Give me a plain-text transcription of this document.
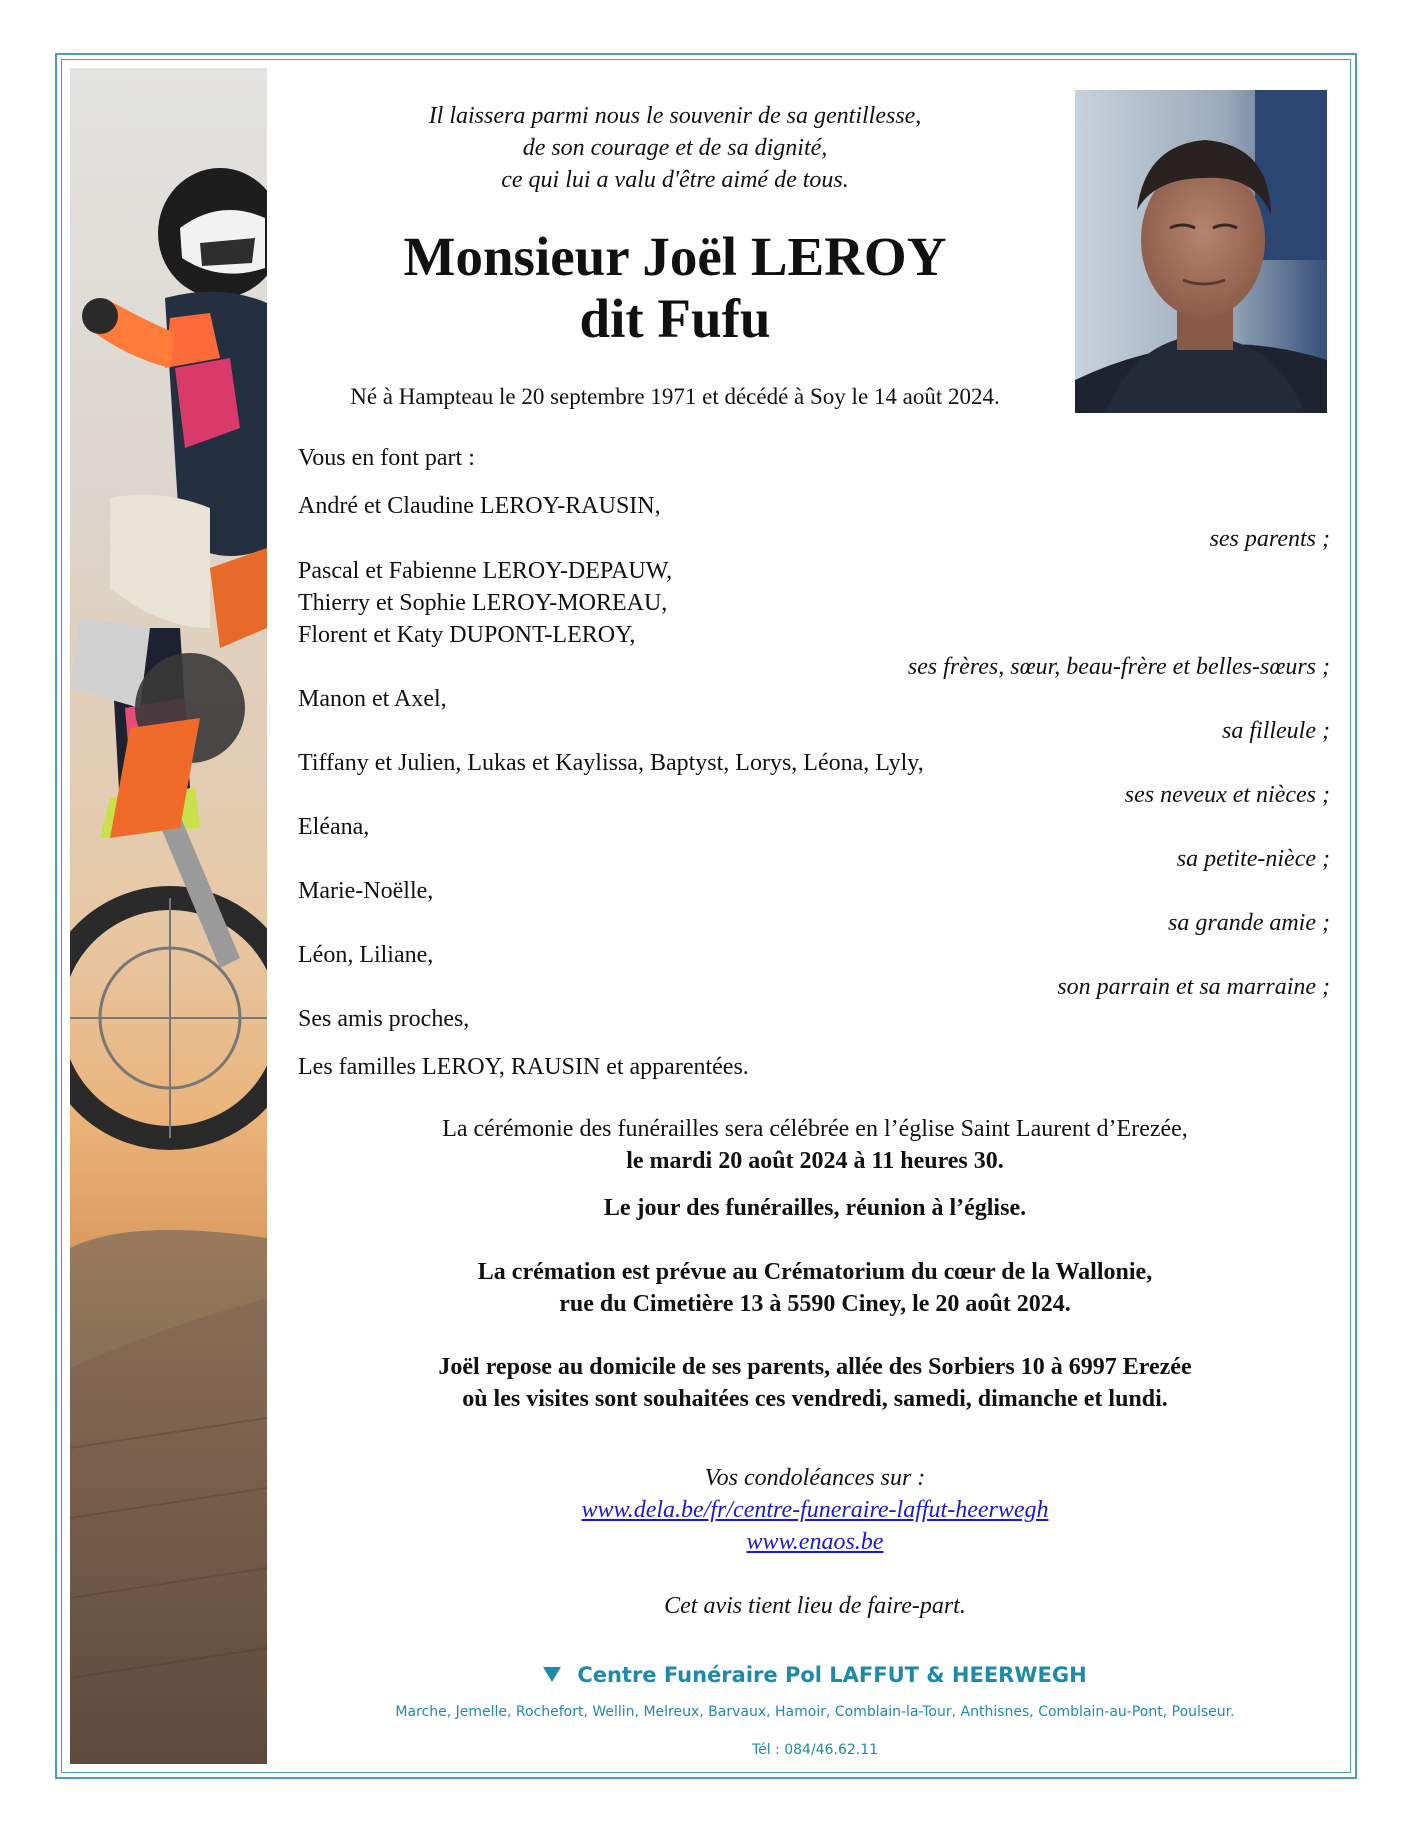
Il laissera parmi nous le souvenir de sa gentillesse,
de son courage et de sa dignité,
ce qui lui a valu d'être aimé de tous.
Monsieur Joël LEROY
dit Fufu
Né à Hampteau le 20 septembre 1971 et décédé à Soy le 14 août 2024.
Vous en font part :
André et Claudine LEROY-RAUSIN,
ses parents ;
Pascal et Fabienne LEROY-DEPAUW,
Thierry et Sophie LEROY-MOREAU,
Florent et Katy DUPONT-LEROY,
ses frères, sœur, beau-frère et belles-sœurs ;
Manon et Axel,
sa filleule ;
Tiffany et Julien, Lukas et Kaylissa, Baptyst, Lorys, Léona, Lyly,
ses neveux et nièces ;
Eléana,
sa petite-nièce ;
Marie-Noëlle,
sa grande amie ;
Léon, Liliane,
son parrain et sa marraine ;
Ses amis proches,
Les familles LEROY, RAUSIN et apparentées.
La cérémonie des funérailles sera célébrée en l’église Saint Laurent d’Erezée,
le mardi 20 août 2024 à 11 heures 30.
Le jour des funérailles, réunion à l’église.
La crémation est prévue au Crématorium du cœur de la Wallonie,
rue du Cimetière 13 à 5590 Ciney, le 20 août 2024.
Joël repose au domicile de ses parents, allée des Sorbiers 10 à 6997 Erezée
où les visites sont souhaitées ces vendredi, samedi, dimanche et lundi.
Vos condoléances sur :
www.dela.be/fr/centre-funeraire-laffut-heerwegh
www.enaos.be
Cet avis tient lieu de faire-part.
Centre Funéraire Pol LAFFUT & HEERWEGH
Marche, Jemelle, Rochefort, Wellin, Melreux, Barvaux, Hamoir, Comblain-la-Tour, Anthisnes, Comblain-au-Pont, Poulseur.
Tél : 084/46.62.11
